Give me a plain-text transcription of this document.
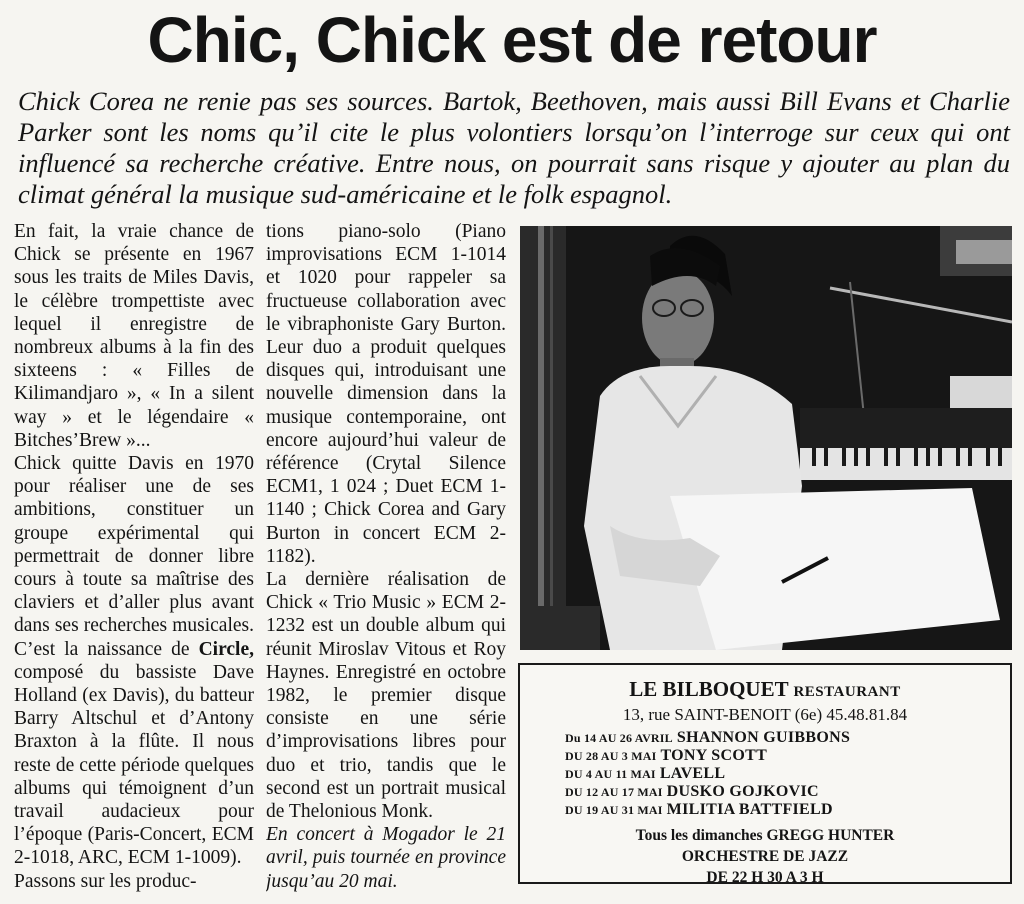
Chic, Chick est de retour
Chick Corea ne renie pas ses sources. Bartok, Beethoven, mais aussi Bill Evans et Charlie Parker sont les noms qu’il cite le plus volontiers lorsqu’on l’interroge sur ceux qui ont influencé sa recherche créative. Entre nous, on pourrait sans risque y ajouter au plan du climat général la musique sud-américaine et le folk espagnol.

En fait, la vraie chance de Chick se présente en 1967 sous les traits de Miles Davis, le célèbre trompettiste avec lequel il enregistre de nombreux albums à la fin des sixteens : « Filles de Kilimandjaro », « In a silent way » et le légendaire « Bitches’Brew »...

Chick quitte Davis en 1970 pour réaliser une de ses ambitions, constituer un groupe expérimental qui permettrait de donner libre cours à toute sa maîtrise des claviers et d’aller plus avant dans ses recherches musicales. C’est la naissance de Circle, composé du bassiste Dave Holland (ex Davis), du batteur Barry Altschul et d’Antony Braxton à la flûte. Il nous reste de cette période quelques albums qui témoignent d’un travail audacieux pour l’époque (Paris-Concert, ECM 2-1018, ARC, ECM 1-1009).

Passons sur les produc-

tions piano-solo (Piano improvisations ECM 1-1014 et 1020 pour rappeler sa fructueuse collaboration avec le vibraphoniste Gary Burton. Leur duo a produit quelques disques qui, introduisant une nouvelle dimension dans la musique contemporaine, ont encore aujourd’hui valeur de référence (Crytal Silence ECM1, 1 024 ; Duet ECM 1-1140 ; Chick Corea and Gary Burton in concert ECM 2-1182).

La dernière réalisation de Chick « Trio Music » ECM 2-1232 est un double album qui réunit Miroslav Vitous et Roy Haynes. Enregistré en octobre 1982, le premier disque consiste en une série d’improvisations libres pour duo et trio, tandis que le second est un portrait musical de Thelonious Monk.

En concert à Mogador le 21 avril, puis tournée en province jusqu’au 20 mai.

LE BILBOQUET RESTAURANT
13, rue SAINT-BENOIT (6e) 45.48.81.84
Du 14 AU 26 AVRIL SHANNON GUIBBONS
DU 28 AU 3 MAI TONY SCOTT
DU 4 AU 11 MAI LAVELL
DU 12 AU 17 MAI DUSKO GOJKOVIC
DU 19 AU 31 MAI MILITIA BATTFIELD
Tous les dimanches GREGG HUNTER
ORCHESTRE DE JAZZ
DE 22 H 30 A 3 H
